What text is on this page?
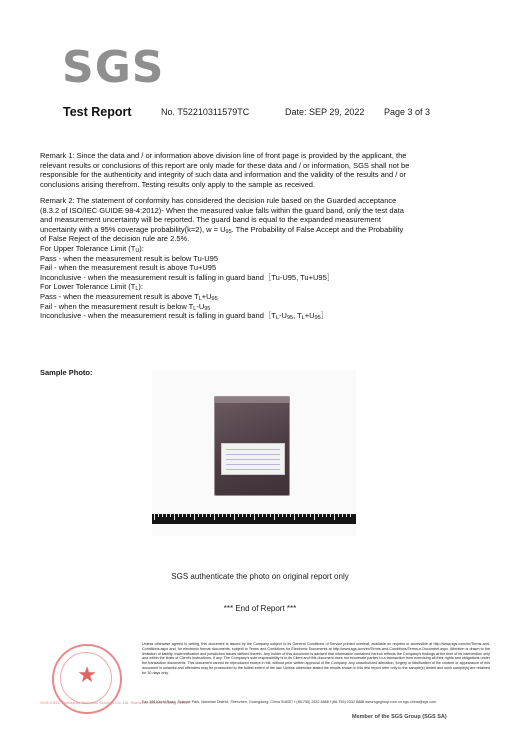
SGS
Test Report	No. T52210311579TC	Date: SEP 29, 2022 Page 3 of 3
Remark 1: Since the data and / or information above division line of front page is provided by the applicant, the
relevant results or conclusions of this report are only made for these data and / or information, SGS shall not be
responsible for the authenticity and integrity of such data and information and the validity of the results and / or
conclusions arising therefrom. Testing results only apply to the sample as received.
Remark 2: The statement of conformity has considered the decision rule based on the Guarded acceptance
(8.3.2 of ISO/IEC GUIDE 98-4:2012)- When the measured value falls within the guard band, only the test data
and measurement uncertainty will be reported. The guard band is equal to the expanded measurement
uncertainty with a 95% coverage probability(k=2), $w = U_{95}$. The Probability of False Accept and the Probability
of False Reject of the decision rule are 2.5%.
For Upper Tolerance Limit $(T_U)$:
Pass - when the measurement result is below Tu-U95
Fail - when the measurement result is above Tu+U95
Inconclusive - when the measurement result is falling in guard band［Tu-U95, Tu+U95］
For Lower Tolerance Limit $(T_L)$:
Pass - when the measurement result is above $T_L+U_{95}$
Fail - when the measurement result is below $T_L-U_{95}$
Inconclusive - when the measurement result is falling in guard $band[T_L-U_{95}$, $T_L+U_{95}]$
Sample Photo:
SGS authenticate the photo on original report only
*** End of Report ***
★
SGS-CSTC Standards Technical Services Co.,Ltd. Shenzhen Branch Testing Center
Unless otherwise agreed in writing, this document is issued by the Company subject to its General Conditions of Service printed overleaf, available on request or accessible at http://www.sgs.com/en/Terms-and-Conditions.aspx and, for electronic format documents, subject to Terms and Conditions for Electronic Documents at http://www.sgs.com/en/Terms-and-Conditions/Terms-e-Document.aspx. Attention is drawn to the limitation of liability, indemnification and jurisdiction issues defined therein. Any holder of this document is advised that information contained hereon reflects the Company's findings at the time of its intervention only and within the limits of Client's instructions, if any. The Company's sole responsibility is to its Client and this document does not exonerate parties to a transaction from exercising all their rights and obligations under the transaction documents. This document cannot be reproduced except in full, without prior written approval of the Company. Any unauthorized alteration, forgery or falsification of the content or appearance of this document is unlawful and offenders may be prosecuted to the fullest extent of the law. Unless otherwise stated the results shown in this test report refer only to the sample(s) tested and such sample(s) are retained for 30 days only.
Fax 198 Kezhi Road, Science Park, Nanshan District, Shenzhen, Guangdong, China 518057 t (86-755) 2532 8888 f (86-755) 2532 8888 www.sgsgroup.com.cn sgs.china@sgs.com
Member of the SGS Group (SGS SA)
